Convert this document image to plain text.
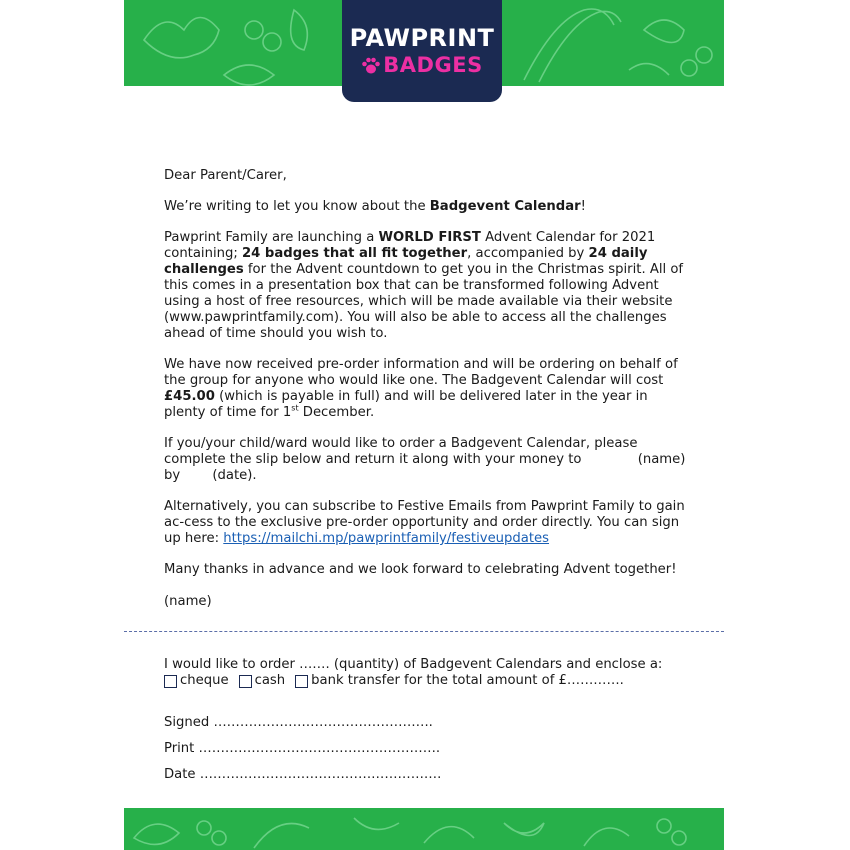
PAWPRINT
BADGES

Dear Parent/Carer,

We’re writing to let you know about the Badgevent Calendar!

Pawprint Family are launching a WORLD FIRST Advent Calendar for 2021 containing; 24 badges that all fit together, accompanied by 24 daily challenges for the Advent countdown to get you in the Christmas spirit. All of this comes in a presentation box that can be transformed following Advent using a host of free resources, which will be made available via their website (www.pawprintfamily.com). You will also be able to access all the challenges ahead of time should you wish to.

We have now received pre-order information and will be ordering on behalf of the group for anyone who would like one. The Badgevent Calendar will cost £45.00 (which is payable in full) and will be delivered later in the year in plenty of time for 1st December.

If you/your child/ward would like to order a Badgevent Calendar, please complete the slip below and return it along with your money to	(name) by (date).

Alternatively, you can subscribe to Festive Emails from Pawprint Family to gain ac-cess to the exclusive pre-order opportunity and order directly. You can sign up here: https://mailchi.mp/pawprintfamily/festiveupdates

Many thanks in advance and we look forward to celebrating Advent together!

(name)
I would like to order ……. (quantity) of Badgevent Calendars and enclose a:
cheque cash bank transfer for the total amount of £………….
Signed …………………………………………..
Print ……………………………………………….
Date ……………………………………………….
